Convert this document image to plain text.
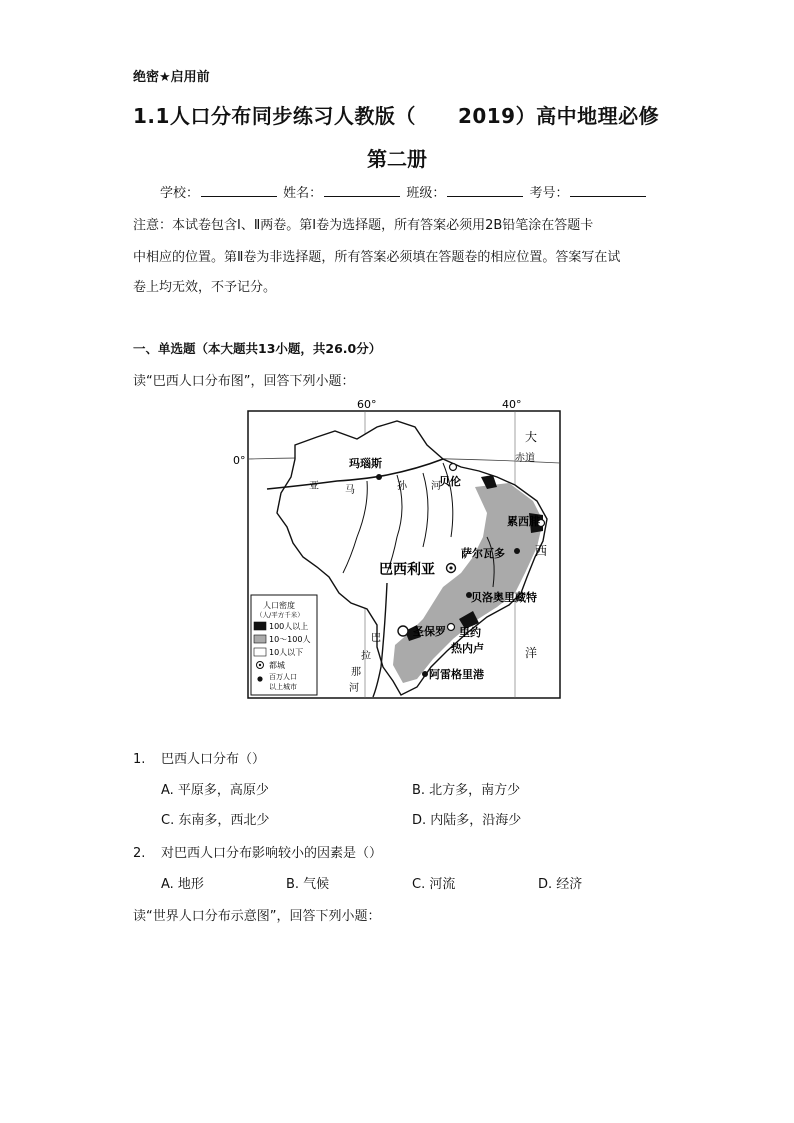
绝密★启用前
1.1人口分布同步练习人教版（ 2019）高中地理必修
第二册
学校：	姓名：	班级：	考号：
注意：本试卷包含Ⅰ、Ⅱ两卷。第Ⅰ卷为选择题，所有答案必须用2B铅笔涂在答题卡
中相应的位置。第Ⅱ卷为非选择题，所有答案必须填在答题卷的相应位置。答案写在试
卷上均无效，不予记分。
一、单选题（本大题共13小题，共26.0分）
读“巴西人口分布图”，回答下列小题：
60°	40°
0°	赤道
大
西
洋
亚	马	孙 河
巴
拉
那
河
玛瑙斯
贝伦
累西腓
萨尔瓦多
巴西利亚
贝洛奥里藏特
圣保罗 里约
热内卢
阿雷格里港
人口密度
（人/平方千米）
100人以上
10～100人
10人以下
都城
百万人口
以上城市
1. 巴西人口分布（）
A. 平原多，高原少	B. 北方多，南方少
C. 东南多，西北少	D. 内陆多，沿海少
2. 对巴西人口分布影响较小的因素是（）
A. 地形	B. 气候	C. 河流	D. 经济
读“世界人口分布示意图”，回答下列小题：
